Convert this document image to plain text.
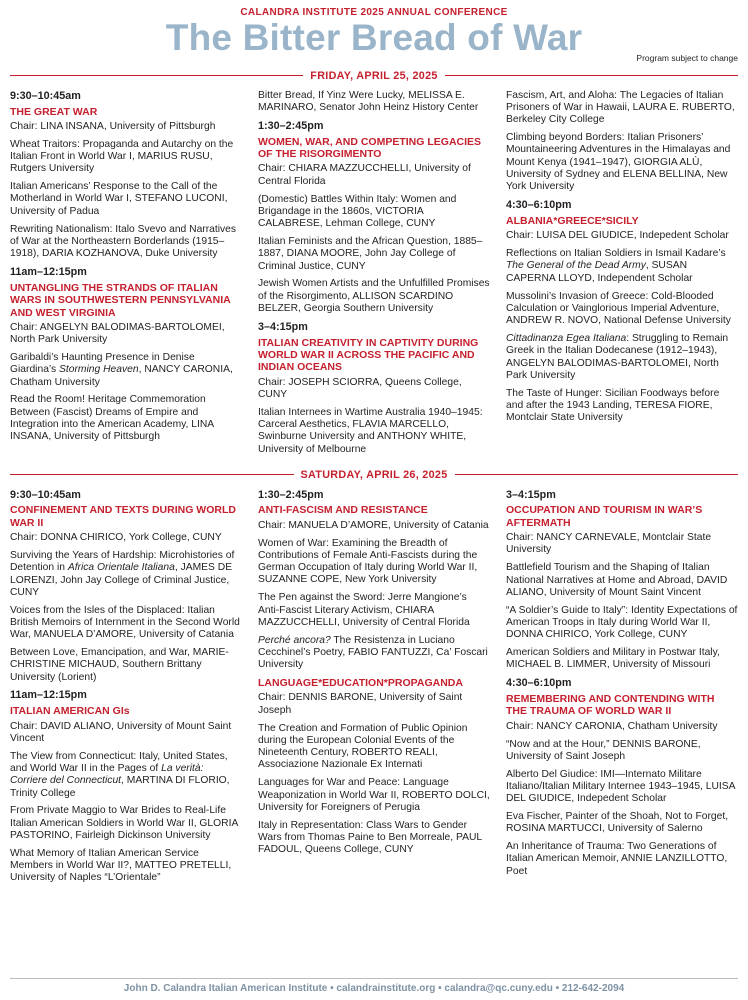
CALANDRA INSTITUTE 2025 ANNUAL CONFERENCE
The Bitter Bread of War	Program subject to change
FRIDAY, APRIL 25, 2025

9:30–10:45am

THE GREAT WAR

Chair: LINA INSANA, University of Pittsburgh

Wheat Traitors: Propaganda and Autarchy on the Italian Front in World War I, MARIUS RUSU, Rutgers University

Italian Americans’ Response to the Call of the Motherland in World War I, STEFANO LUCONI, University of Padua

Rewriting Nationalism: Italo Svevo and Narratives of War at the Northeastern Borderlands (1915–1918), DARIA KOZHANOVA, Duke University

11am–12:15pm

UNTANGLING THE STRANDS OF ITALIAN WARS IN SOUTHWESTERN PENNSYLVANIA AND WEST VIRGINIA

Chair: ANGELYN BALODIMAS-BARTOLOMEI, North Park University

Garibaldi’s Haunting Presence in Denise Giardina’s Storming Heaven, NANCY CARONIA, Chatham University

Read the Room! Heritage Commemoration Between (Fascist) Dreams of Empire and Integration into the American Academy, LINA INSANA, University of Pittsburgh

Bitter Bread, If Yinz Were Lucky, MELISSA E. MARINARO, Senator John Heinz History Center

1:30–2:45pm

WOMEN, WAR, AND COMPETING LEGACIES OF THE RISORGIMENTO

Chair: CHIARA MAZZUCCHELLI, University of Central Florida

(Domestic) Battles Within Italy: Women and Brigandage in the 1860s, VICTORIA CALABRESE, Lehman College, CUNY

Italian Feminists and the African Question, 1885–1887, DIANA MOORE, John Jay College of Criminal Justice, CUNY

Jewish Women Artists and the Unfulfilled Promises of the Risorgimento, ALLISON SCARDINO BELZER, Georgia Southern University

3–4:15pm

ITALIAN CREATIVITY IN CAPTIVITY DURING WORLD WAR II ACROSS THE PACIFIC AND INDIAN OCEANS

Chair: JOSEPH SCIORRA, Queens College, CUNY

Italian Internees in Wartime Australia 1940–1945: Carceral Aesthetics, FLAVIA MARCELLO, Swinburne University and ANTHONY WHITE, University of Melbourne

Fascism, Art, and Aloha: The Legacies of Italian Prisoners of War in Hawaii, LAURA E. RUBERTO, Berkeley City College

Climbing beyond Borders: Italian Prisoners’ Mountaineering Adventures in the Himalayas and Mount Kenya (1941–1947), GIORGIA ALÙ, University of Sydney and ELENA BELLINA, New York University

4:30–6:10pm

ALBANIA*GREECE*SICILY

Chair: LUISA DEL GIUDICE, Indepedent Scholar

Reflections on Italian Soldiers in Ismail Kadare’s The General of the Dead Army, SUSAN CAPERNA LLOYD, Independent Scholar

Mussolini’s Invasion of Greece: Cold-Blooded Calculation or Vainglorious Imperial Adventure, ANDREW R. NOVO, National Defense University

Cittadinanza Egea Italiana: Struggling to Remain Greek in the Italian Dodecanese (1912–1943), ANGELYN BALODIMAS-BARTOLOMEI, North Park University

The Taste of Hunger: Sicilian Foodways before and after the 1943 Landing, TERESA FIORE, Montclair State University

SATURDAY, APRIL 26, 2025

9:30–10:45am

CONFINEMENT AND TEXTS DURING WORLD WAR II

Chair: DONNA CHIRICO, York College, CUNY

Surviving the Years of Hardship: Microhistories of Detention in Africa Orientale Italiana, JAMES DE LORENZI, John Jay College of Criminal Justice, CUNY

Voices from the Isles of the Displaced: Italian British Memoirs of Internment in the Second World War, MANUELA D’AMORE, University of Catania

Between Love, Emancipation, and War, MARIE-CHRISTINE MICHAUD, Southern Brittany University (Lorient)

11am–12:15pm

ITALIAN AMERICAN GIs

Chair: DAVID ALIANO, University of Mount Saint Vincent

The View from Connecticut: Italy, United States, and World War II in the Pages of La verità: Corriere del Connecticut, MARTINA DI FLORIO, Trinity College

From Private Maggio to War Brides to Real-Life Italian American Soldiers in World War II, GLORIA PASTORINO, Fairleigh Dickinson University

What Memory of Italian American Service Members in World War II?, MATTEO PRETELLI, University of Naples “L’Orientale”

1:30–2:45pm

ANTI-FASCISM AND RESISTANCE

Chair: MANUELA D’AMORE, University of Catania

Women of War: Examining the Breadth of Contributions of Female Anti-Fascists during the German Occupation of Italy during World War II, SUZANNE COPE, New York University

The Pen against the Sword: Jerre Mangione’s Anti-Fascist Literary Activism, CHIARA MAZZUCCHELLI, University of Central Florida

Perché ancora? The Resistenza in Luciano Cecchinel’s Poetry, FABIO FANTUZZI, Ca’ Foscari University

LANGUAGE*EDUCATION*PROPAGANDA

Chair: DENNIS BARONE, University of Saint Joseph

The Creation and Formation of Public Opinion during the European Colonial Events of the Nineteenth Century, ROBERTO REALI, Associazione Nazionale Ex Internati

Languages for War and Peace: Language Weaponization in World War II, ROBERTO DOLCI, University for Foreigners of Perugia

Italy in Representation: Class Wars to Gender Wars from Thomas Paine to Ben Morreale, PAUL FADOUL, Queens College, CUNY

3–4:15pm

OCCUPATION AND TOURISM IN WAR’S AFTERMATH

Chair: NANCY CARNEVALE, Montclair State University

Battlefield Tourism and the Shaping of Italian National Narratives at Home and Abroad, DAVID ALIANO, University of Mount Saint Vincent

“A Soldier’s Guide to Italy”: Identity Expectations of American Troops in Italy during World War II, DONNA CHIRICO, York College, CUNY

American Soldiers and Military in Postwar Italy, MICHAEL B. LIMMER, University of Missouri

4:30–6:10pm

REMEMBERING AND CONTENDING WITH THE TRAUMA OF WORLD WAR II

Chair: NANCY CARONIA, Chatham University

“Now and at the Hour,” DENNIS BARONE, University of Saint Joseph

Alberto Del Giudice: IMI—Internato Militare Italiano/Italian Military Internee 1943–1945, LUISA DEL GIUDICE, Indepedent Scholar

Eva Fischer, Painter of the Shoah, Not to Forget, ROSINA MARTUCCI, University of Salerno

An Inheritance of Trauma: Two Generations of Italian American Memoir, ANNIE LANZILLOTTO, Poet

John D. Calandra Italian American Institute • calandrainstitute.org • calandra@qc.cuny.edu • 212-642-2094
